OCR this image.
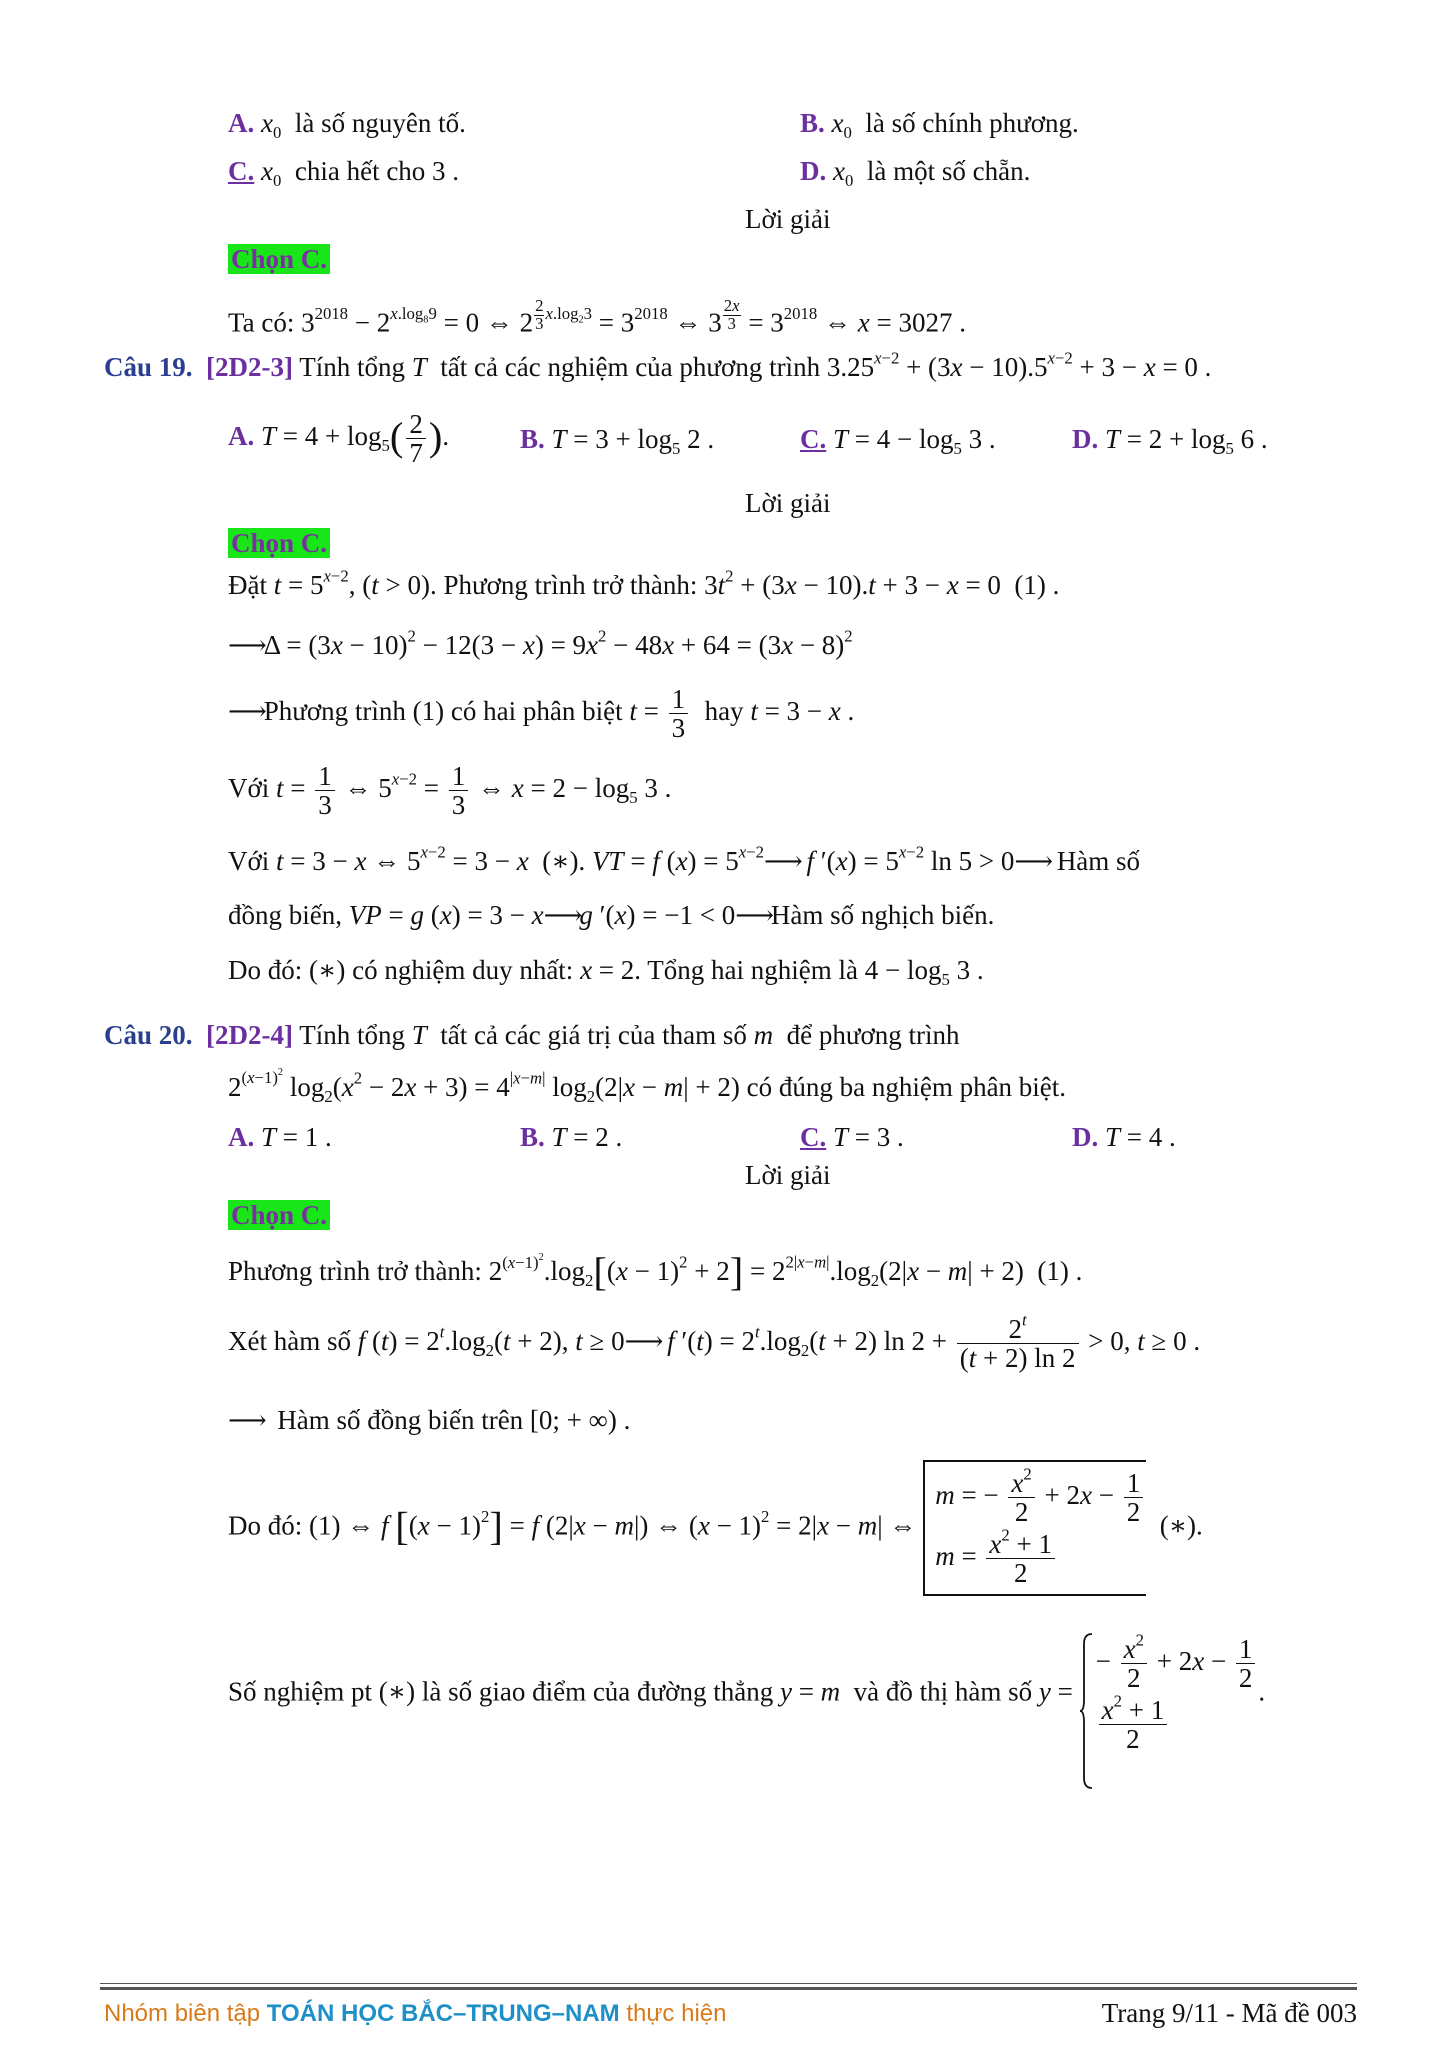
A. $x_0$ là số nguyên tố.	B. $x_0$ là số chính phương.
C. $x_0$ chia hết cho 3 .	D. $x_0$ là một số chẵn.
Lời giải
Chọn C.
Ta có: $3^{2018} - 2^{x.log_89} = 0$ ⇔ 2 $^{\frac{2}{3} x.log_23} = 3^{2018}$ ⇔ 3 $^{\frac{2x}{3}} = 3^{2018}$ ⇔ x = 3027 .
Câu 19. [2D2-3] Tính tổng T tất cả các nghiệm của phương trình $3.25^{x-2} + (3x - 10).5^{x-2} + 3 - x = 0$ .
A. $T = 4 + \log_5( \frac{2}{7}$ ).	B. $T = 3 + \log_5 2$ .	C. $T = 4 - \log_5 3$ .	D. $T = 2 + \log_5 6$ .
Lời giải
Chọn C.
Đặt $t = 5^{x-2}$, (t > 0). Phương trình trở thành: $3t^2 + (3x - 10).t + 3 - x = 0$  (1) .
⟶Δ = $(3x - 10)^2 - 12(3 - x) = 9x^2 - 48x + 64 = (3x - 8)^2$
⟶Phương trình (1) có hai phân biệt $t = \frac{1}{3}$ hay t = 3 − x .
Với $t = \frac{1}{3}$ ⇔ $5^{x-2} = \frac{1}{3}$ ⇔ $x = 2 - \log_5 3$ .
Với t = 3 − x ⇔ $5^{x-2} = 3 - x$  (∗). VT = f $(x) = 5^{x-2}⟶$ f $'(x) = 5^{x-2}$ ln 5 > 0⟶ Hàm số
đồng biến, VP = g (x) = 3 − x⟶g ′(x) = −1 < 0⟶Hàm số nghịch biến.
Do đó: (∗) có nghiệm duy nhất: x = 2. Tổng hai nghiệm là $4 - \log_5 3$ .
Câu 20. [2D2-4] Tính tổng T tất cả các giá trị của tham số m để phương trình
$2^{(x-1)^2}$ $\log_2(x^2 - 2x + 3) = 4^{|x-m|}$ $\log_2(2|x - m| + 2)$ có đúng ba nghiệm phân biệt.
A. T = 1 .	B. T = 2 .	C. T = 3 .	D. T = 4 .
Lời giải
Chọn C.
Phương trình trở thành: $2^{(x-1)^2}.\log_2[(x - 1)^2 + 2] = 2^{2|x-m|}.\log_2(2|x - m| + 2)$  (1) .
Xét hàm số f $(t) = 2^t.\log_2(t + 2)$, t ≥ 0⟶ f $'(t) = 2^t.\log_2(t + 2)$ $\ln 2 + \frac{2^t}{(t + 2) \ln 2} > 0$, t ≥ 0 .
⟶ Hàm số đồng biến trên [0; + ∞) .
Do đó: (1) ⇔ f $[(x - 1)^2] = f$ (2|x − m|) ⇔ $(x - 1)^2 = 2|x - m|$ ⇔
m = − $\frac{x^2}{2} + 2x - \frac{1}{2}$
$m = \frac{x^2 + 1}{2}$
(∗).
Số nghiệm pt (∗) là số giao điểm của đường thẳng y = m và đồ thị hàm số y =
− $\frac{x^2}{2} + 2x - \frac{1}{2}$
$\frac{x^2 + 1}{2}$
.
Nhóm biên tập TOÁN HỌC BẮC–TRUNG–NAM thực hiện	Trang 9/11 - Mã đề 003
